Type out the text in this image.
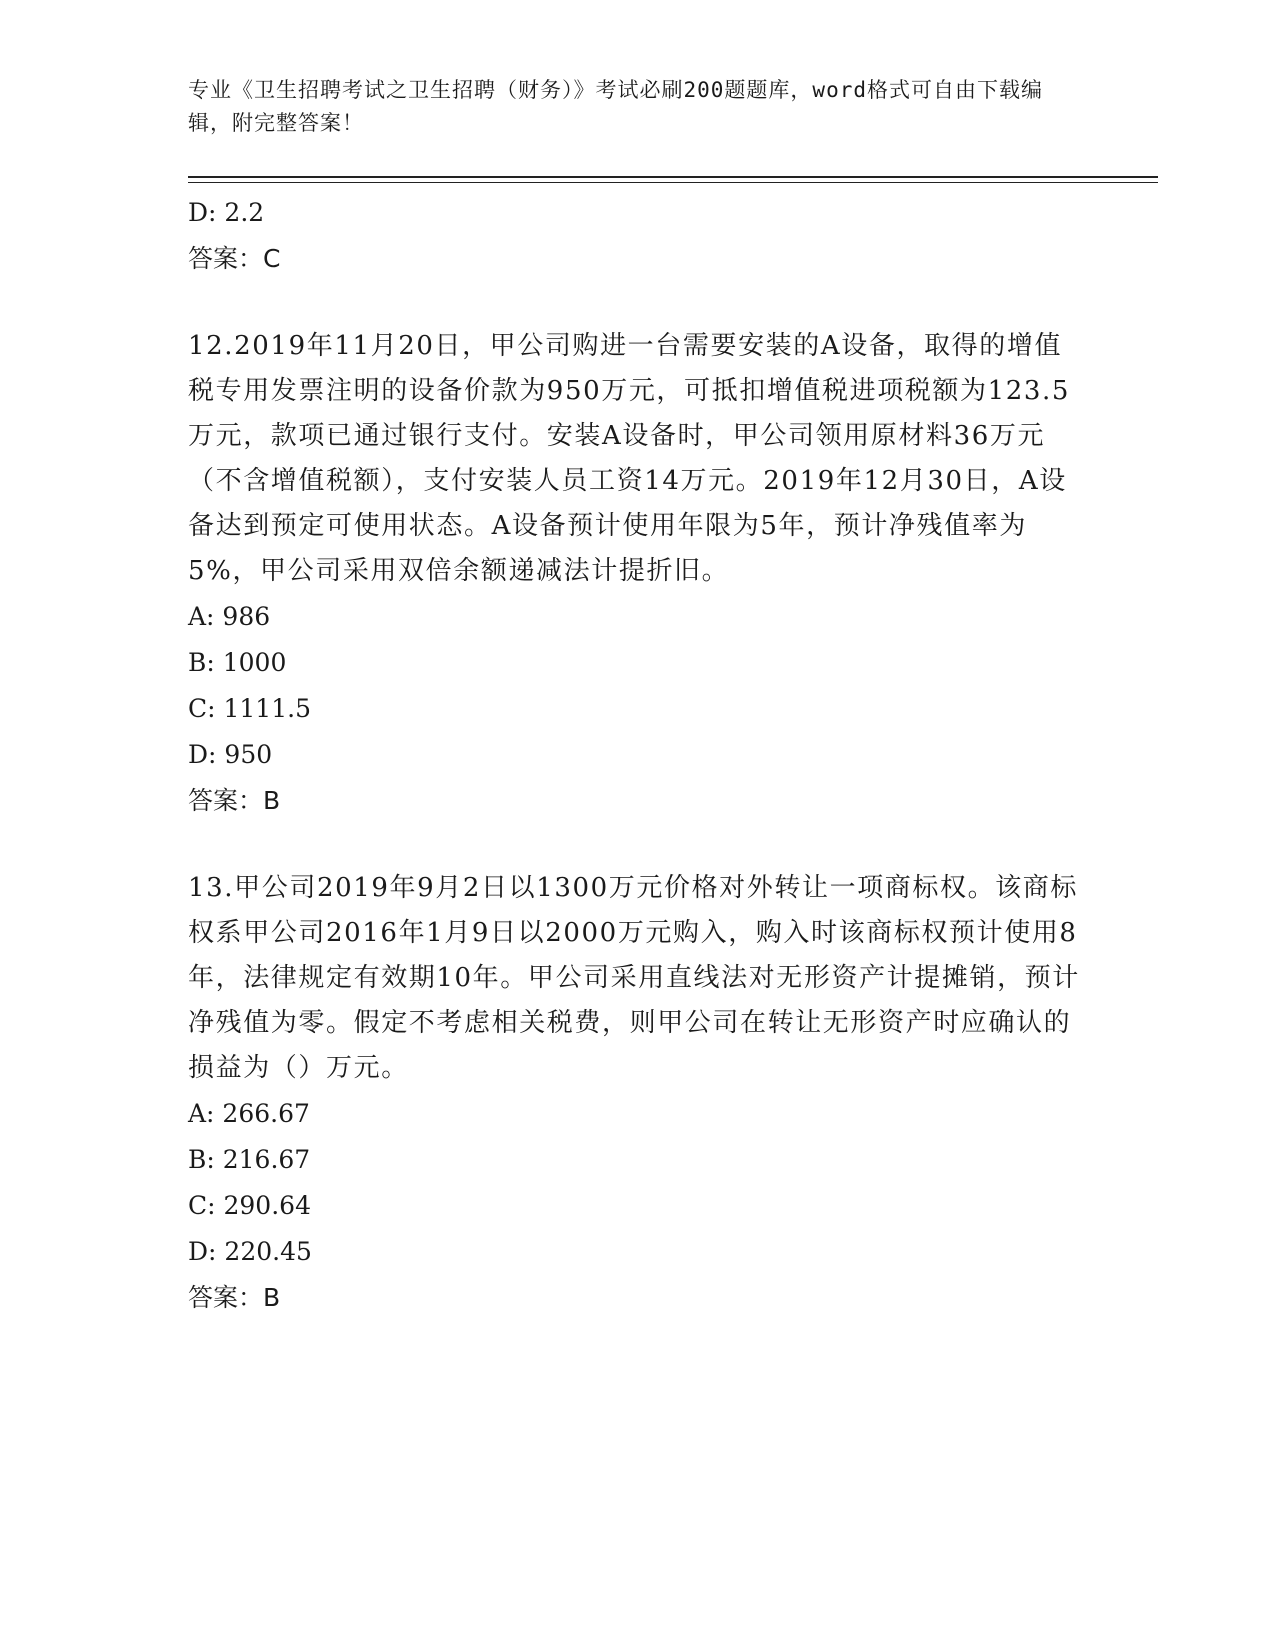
专业《卫生招聘考试之卫生招聘（财务）》考试必刷200题题库，word格式可自由下载编辑，附完整答案！
D: 2.2
答案：C
12.2019年11月20日，甲公司购进一台需要安装的A设备，取得的增值税专用发票注明的设备价款为950万元，可抵扣增值税进项税额为123.5万元，款项已通过银行支付。安装A设备时，甲公司领用原材料36万元（不含增值税额），支付安装人员工资14万元。2019年12月30日，A设备达到预定可使用状态。A设备预计使用年限为5年，预计净残值率为5%，甲公司采用双倍余额递减法计提折旧。
A: 986
B: 1000
C: 1111.5
D: 950
答案：B
13.甲公司2019年9月2日以1300万元价格对外转让一项商标权。该商标权系甲公司2016年1月9日以2000万元购入，购入时该商标权预计使用8年，法律规定有效期10年。甲公司采用直线法对无形资产计提摊销，预计净残值为零。假定不考虑相关税费，则甲公司在转让无形资产时应确认的损益为（）万元。
A: 266.67
B: 216.67
C: 290.64
D: 220.45
答案：B
